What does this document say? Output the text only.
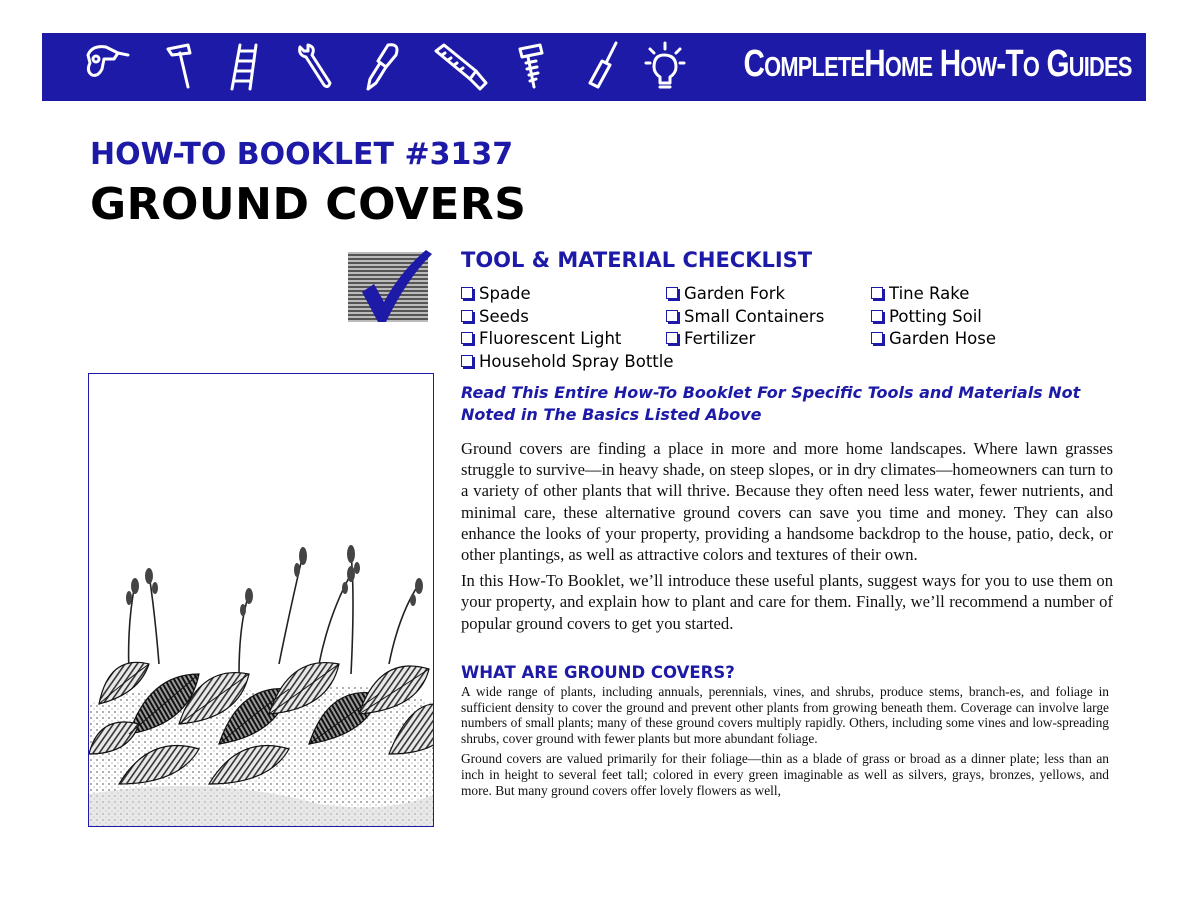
COMPLETEHOME HOW-TO GUIDES
HOW-TO BOOKLET #3137
GROUND COVERS
TOOL & MATERIAL CHECKLIST
Spade	Garden Fork	Tine Rake
Seeds	Small Containers	Potting Soil
Fluorescent Light	Fertilizer	Garden Hose
Household Spray Bottle
Read This Entire How-To Booklet For Specific Tools and Materials Not Noted in The Basics Listed Above

Ground covers are finding a place in more and more home landscapes. Where lawn grasses struggle to survive—in heavy shade, on steep slopes, or in dry climates—homeowners can turn to a variety of other plants that will thrive. Because they often need less water, fewer nutrients, and minimal care, these alternative ground covers can save you time and money. They can also enhance the looks of your property, providing a handsome backdrop to the house, patio, deck, or other plantings, as well as attractive colors and textures of their own.

In this How-To Booklet, we’ll introduce these useful plants, suggest ways for you to use them on your property, and explain how to plant and care for them. Finally, we’ll recommend a number of popular ground covers to get you started.

WHAT ARE GROUND COVERS?

A wide range of plants, including annuals, perennials, vines, and shrubs, produce stems, branch-es, and foliage in sufficient density to cover the ground and prevent other plants from growing beneath them. Coverage can involve large numbers of small plants; many of these ground covers multiply rapidly. Others, including some vines and low-spreading shrubs, cover ground with fewer plants but more abundant foliage.

Ground covers are valued primarily for their foliage—thin as a blade of grass or broad as a dinner plate; less than an inch in height to several feet tall; colored in every green imaginable as well as silvers, grays, bronzes, yellows, and more. But many ground covers offer lovely flowers as well,
